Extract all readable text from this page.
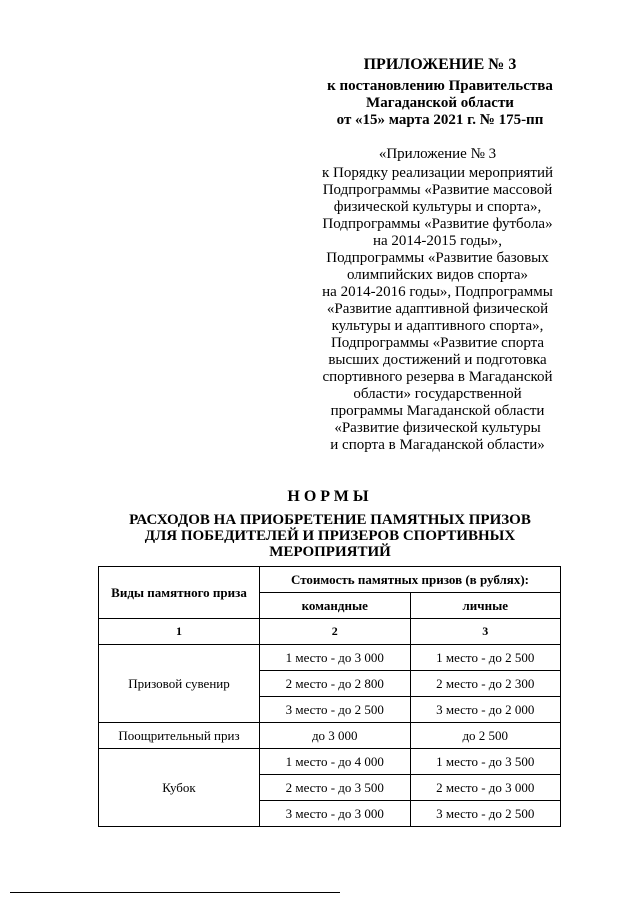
ПРИЛОЖЕНИЕ № 3
к постановлению Правительства
Магаданской области
от «15» марта 2021 г. № 175-пп
«Приложение № 3
к Порядку реализации мероприятий
Подпрограммы «Развитие массовой
физической культуры и спорта»,
Подпрограммы «Развитие футбола»
на 2014-2015 годы»,
Подпрограммы «Развитие базовых
олимпийских видов спорта»
на 2014-2016 годы», Подпрограммы
«Развитие адаптивной физической
культуры и адаптивного спорта»,
Подпрограммы «Развитие спорта
высших достижений и подготовка
спортивного резерва в Магаданской
области» государственной
программы Магаданской области
«Развитие физической культуры
и спорта в Магаданской области»
НОРМЫ
РАСХОДОВ НА ПРИОБРЕТЕНИЕ ПАМЯТНЫХ ПРИЗОВ
ДЛЯ ПОБЕДИТЕЛЕЙ И ПРИЗЕРОВ СПОРТИВНЫХ
МЕРОПРИЯТИЙ
Виды памятного приза	Стоимость памятных призов (в рублях):	
	командные	личные
1	2	3
Призовой сувенир	1 место - до 3 000	1 место - до 2 500
	2 место - до 2 800	2 место - до 2 300
	3 место - до 2 500	3 место - до 2 000
Поощрительный приз	до 3 000	до 2 500
Кубок	1 место - до 4 000	1 место - до 3 500
	2 место - до 3 500	2 место - до 3 000
	3 место - до 3 000	3 место - до 2 500
